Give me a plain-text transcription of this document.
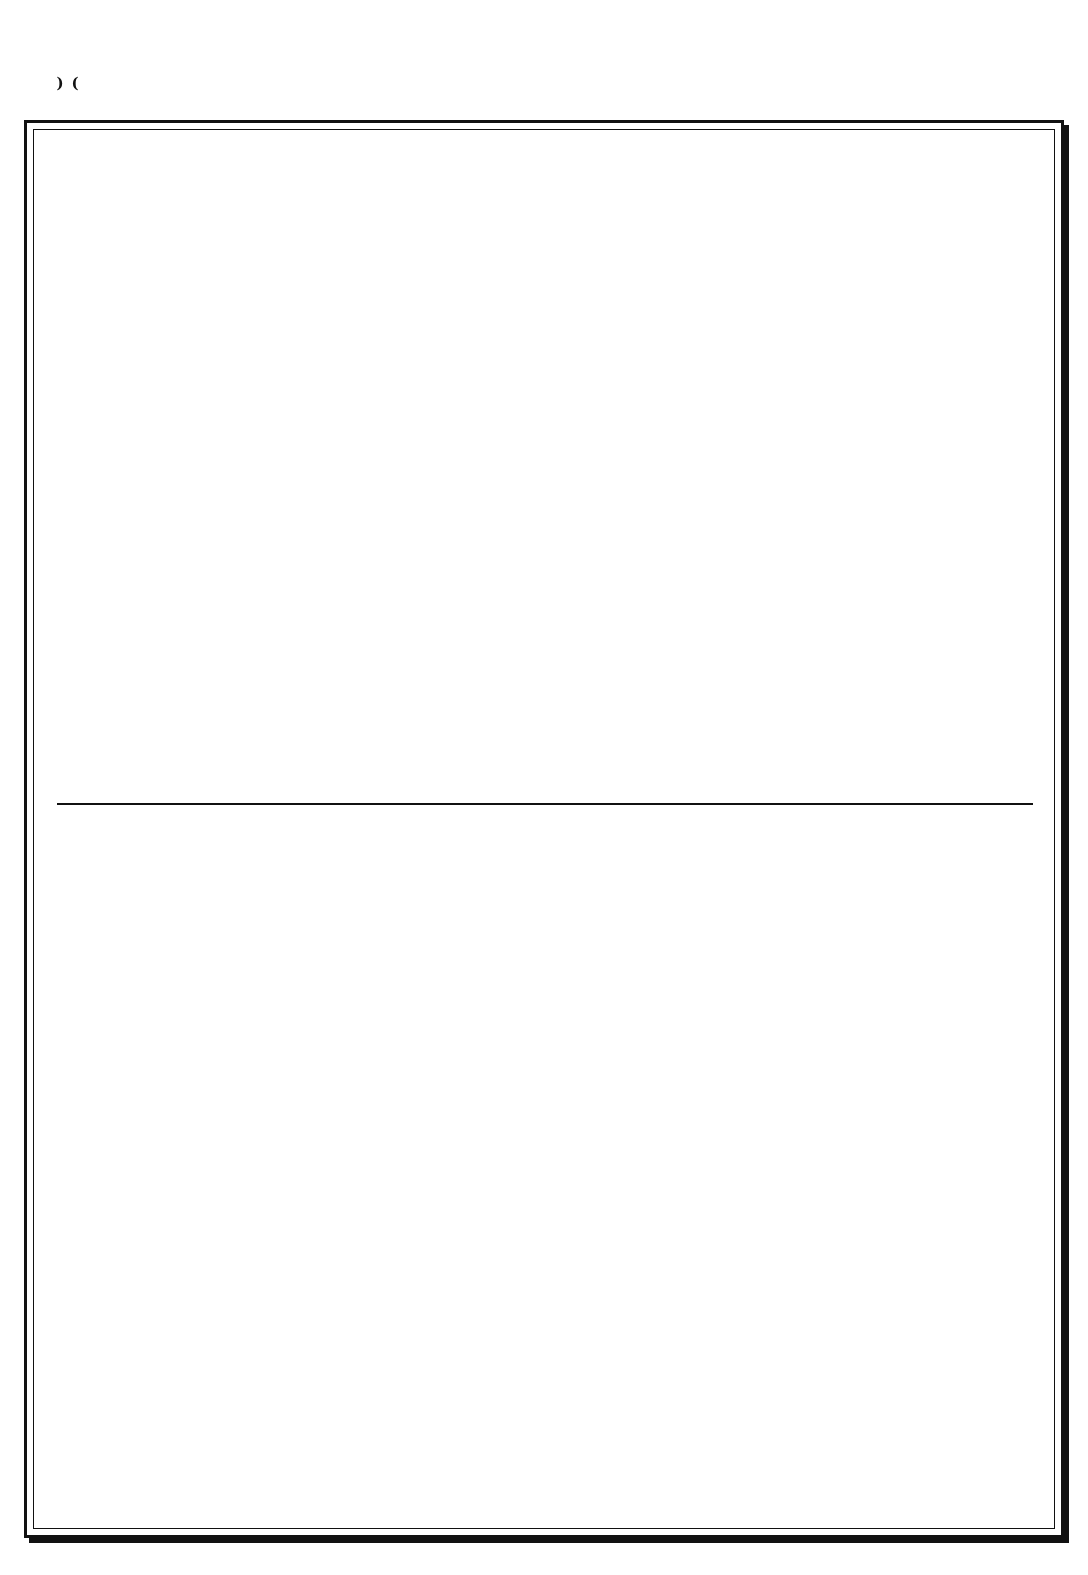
( )
